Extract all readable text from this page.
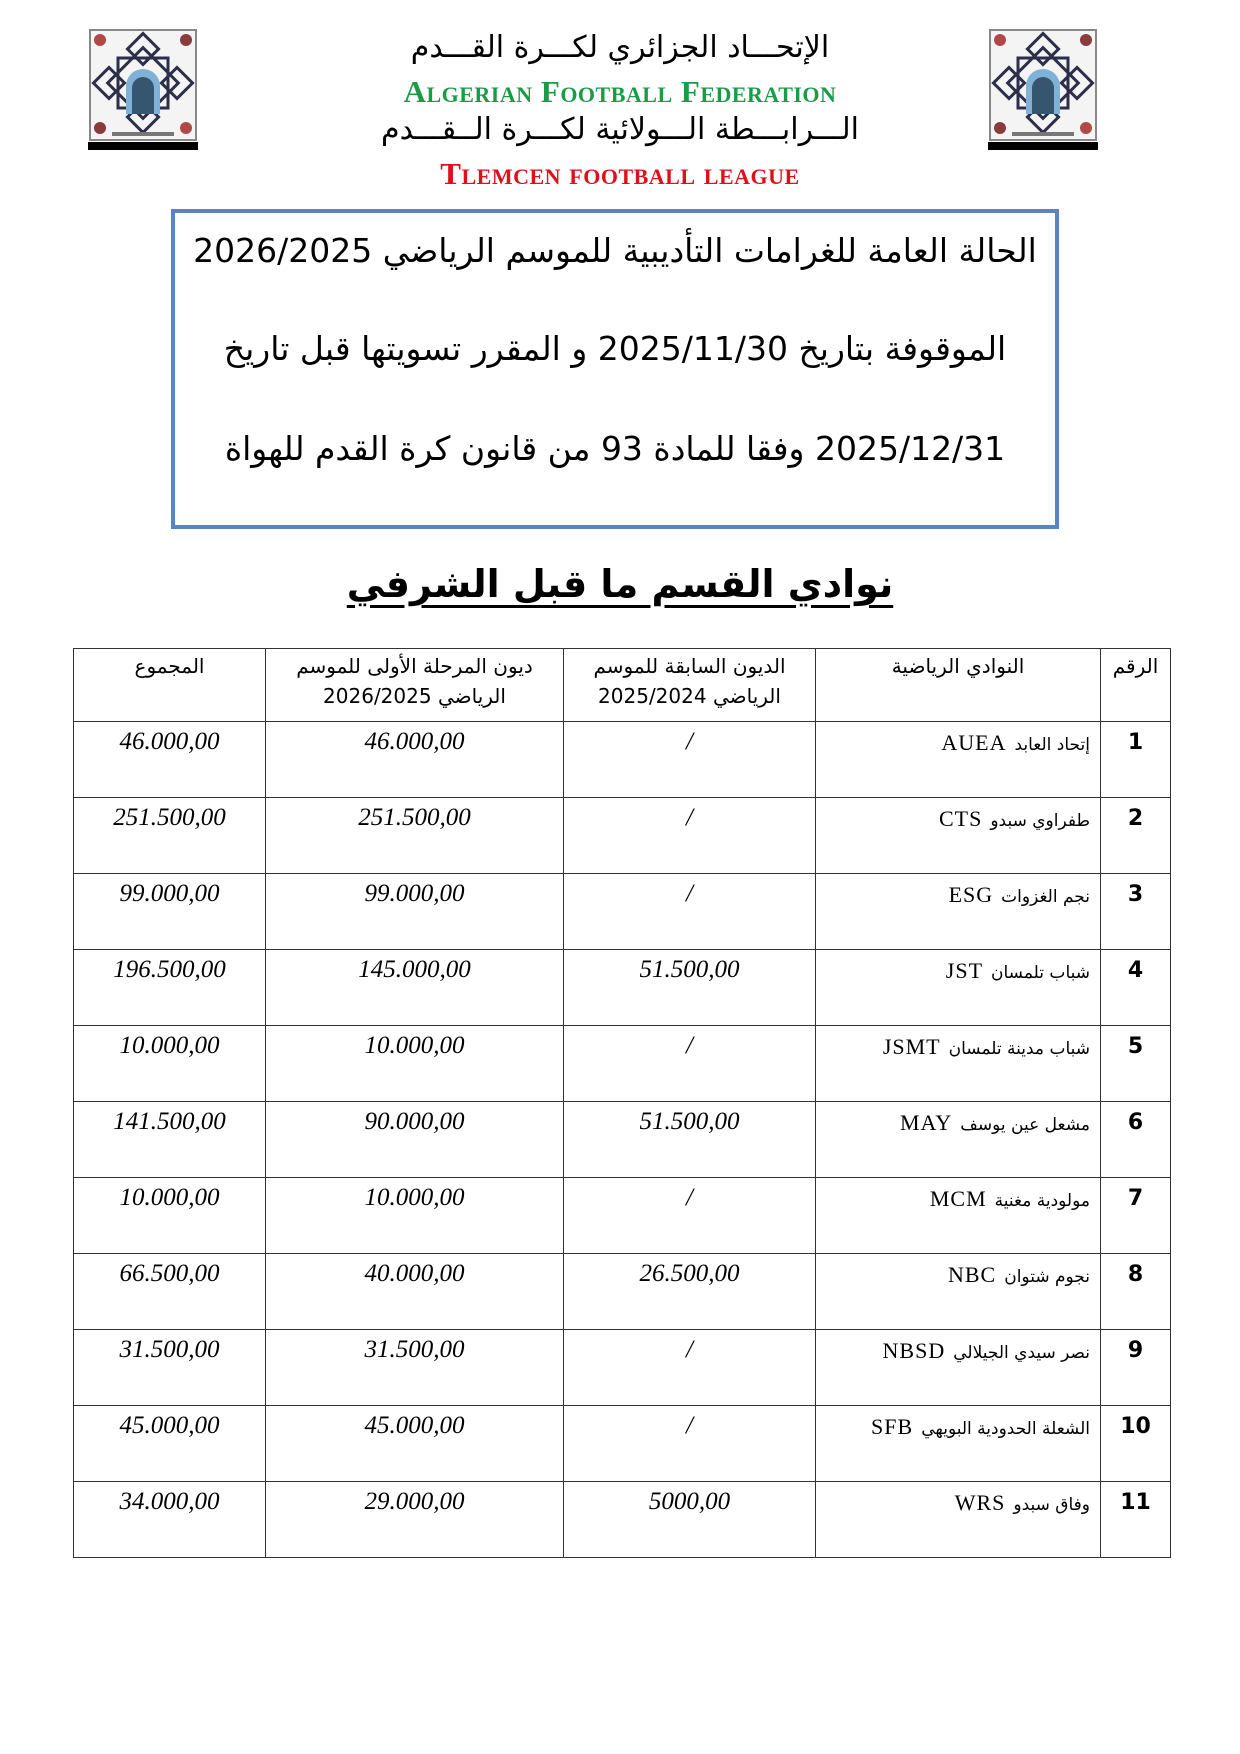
الإتحـــاد الجزائري لكـــرة القـــدم
Algerian Football Federation
الـــرابـــطة الـــولائية لكـــرة الــقـــدم
Tlemcen football league

الحالة العامة للغرامات التأديبية للموسم الرياضي 2026/2025

الموقوفة بتاريخ 2025/11/30 و المقرر تسويتها قبل تاريخ

2025/12/31 وفقا للمادة 93 من قانون كرة القدم للهواة

نوادي القسم ما قبل الشرفي
الرقم	النوادي الرياضية	الديون السابقة للموسم الرياضي 2025/2024	ديون المرحلة الأولى للموسم الرياضي 2026/2025	المجموع
1	إتحاد العابدAUEA	/	46.000,00	46.000,00
2	طفراوي سبدوCTS	/	251.500,00	251.500,00
3	نجم الغزواتESG	/	99.000,00	99.000,00
4	شباب تلمسانJST	51.500,00	145.000,00	196.500,00
5	شباب مدينة تلمسانJSMT	/	10.000,00	10.000,00
6	مشعل عين يوسفMAY	51.500,00	90.000,00	141.500,00
7	مولودية مغنيةMCM	/	10.000,00	10.000,00
8	نجوم شتوانNBC	26.500,00	40.000,00	66.500,00
9	نصر سيدي الجيلاليNBSD	/	31.500,00	31.500,00
10	الشعلة الحدودية البويهيSFB	/	45.000,00	45.000,00
11	وفاق سبدوWRS	5000,00	29.000,00	34.000,00
